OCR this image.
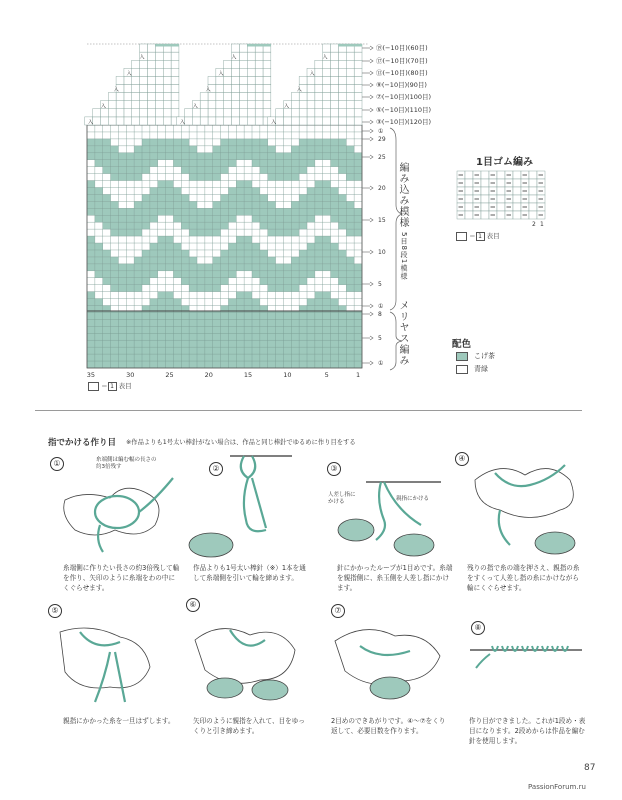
入
入
入
入
入
入
入
入
入
入
入
入
入
入
入
35	30	25	20	15	10	5	1
①
29
25
20
15
10
5
①
8
5
①
⑲(−10目)(60目)
⑰(−10目)(70目)
⑬(−10目)(80目)
⑨(−10目)(90目)
⑦(−10目)(100目)
⑤(−10目)(110目)
③(−10目)(120目)
編み込み模様
5目8段1模様
メリヤス編み
＝ 1 表目
1目ゴム編み
2 1
＝ 1 表目
配色
こげ茶
青緑
指でかける作り目 ※作品よりも1号太い棒針がない場合は、作品と同じ棒針でゆるめに作り目をする
①
②	③
④
⑤
⑥
⑦
⑧
糸端側は編む幅の長さの約3倍残す
人差し指にかける	親指にかける
糸端側に作りたい長さの約3倍残して輪を作り、矢印のように糸端をわの中にくぐらせます。
作品よりも1号太い棒針（※）1本を通して糸端側を引いて輪を締めます。
針にかかったループが1目めです。糸端を親指側に、糸玉側を人差し指にかけます。
残りの指で糸の端を押さえ、親指の糸をすくって人差し指の糸にかけながら輪にくぐらせます。
親指にかかった糸を一旦はずします。	矢印のように親指を入れて、目をゆっくりと引き締めます。
2目めのできあがりです。④〜⑦をくり返して、必要目数を作ります。
作り目ができました。これが1段め・表目になります。2段めからは作品を編む針を使用します。
87
PassionForum.ru
